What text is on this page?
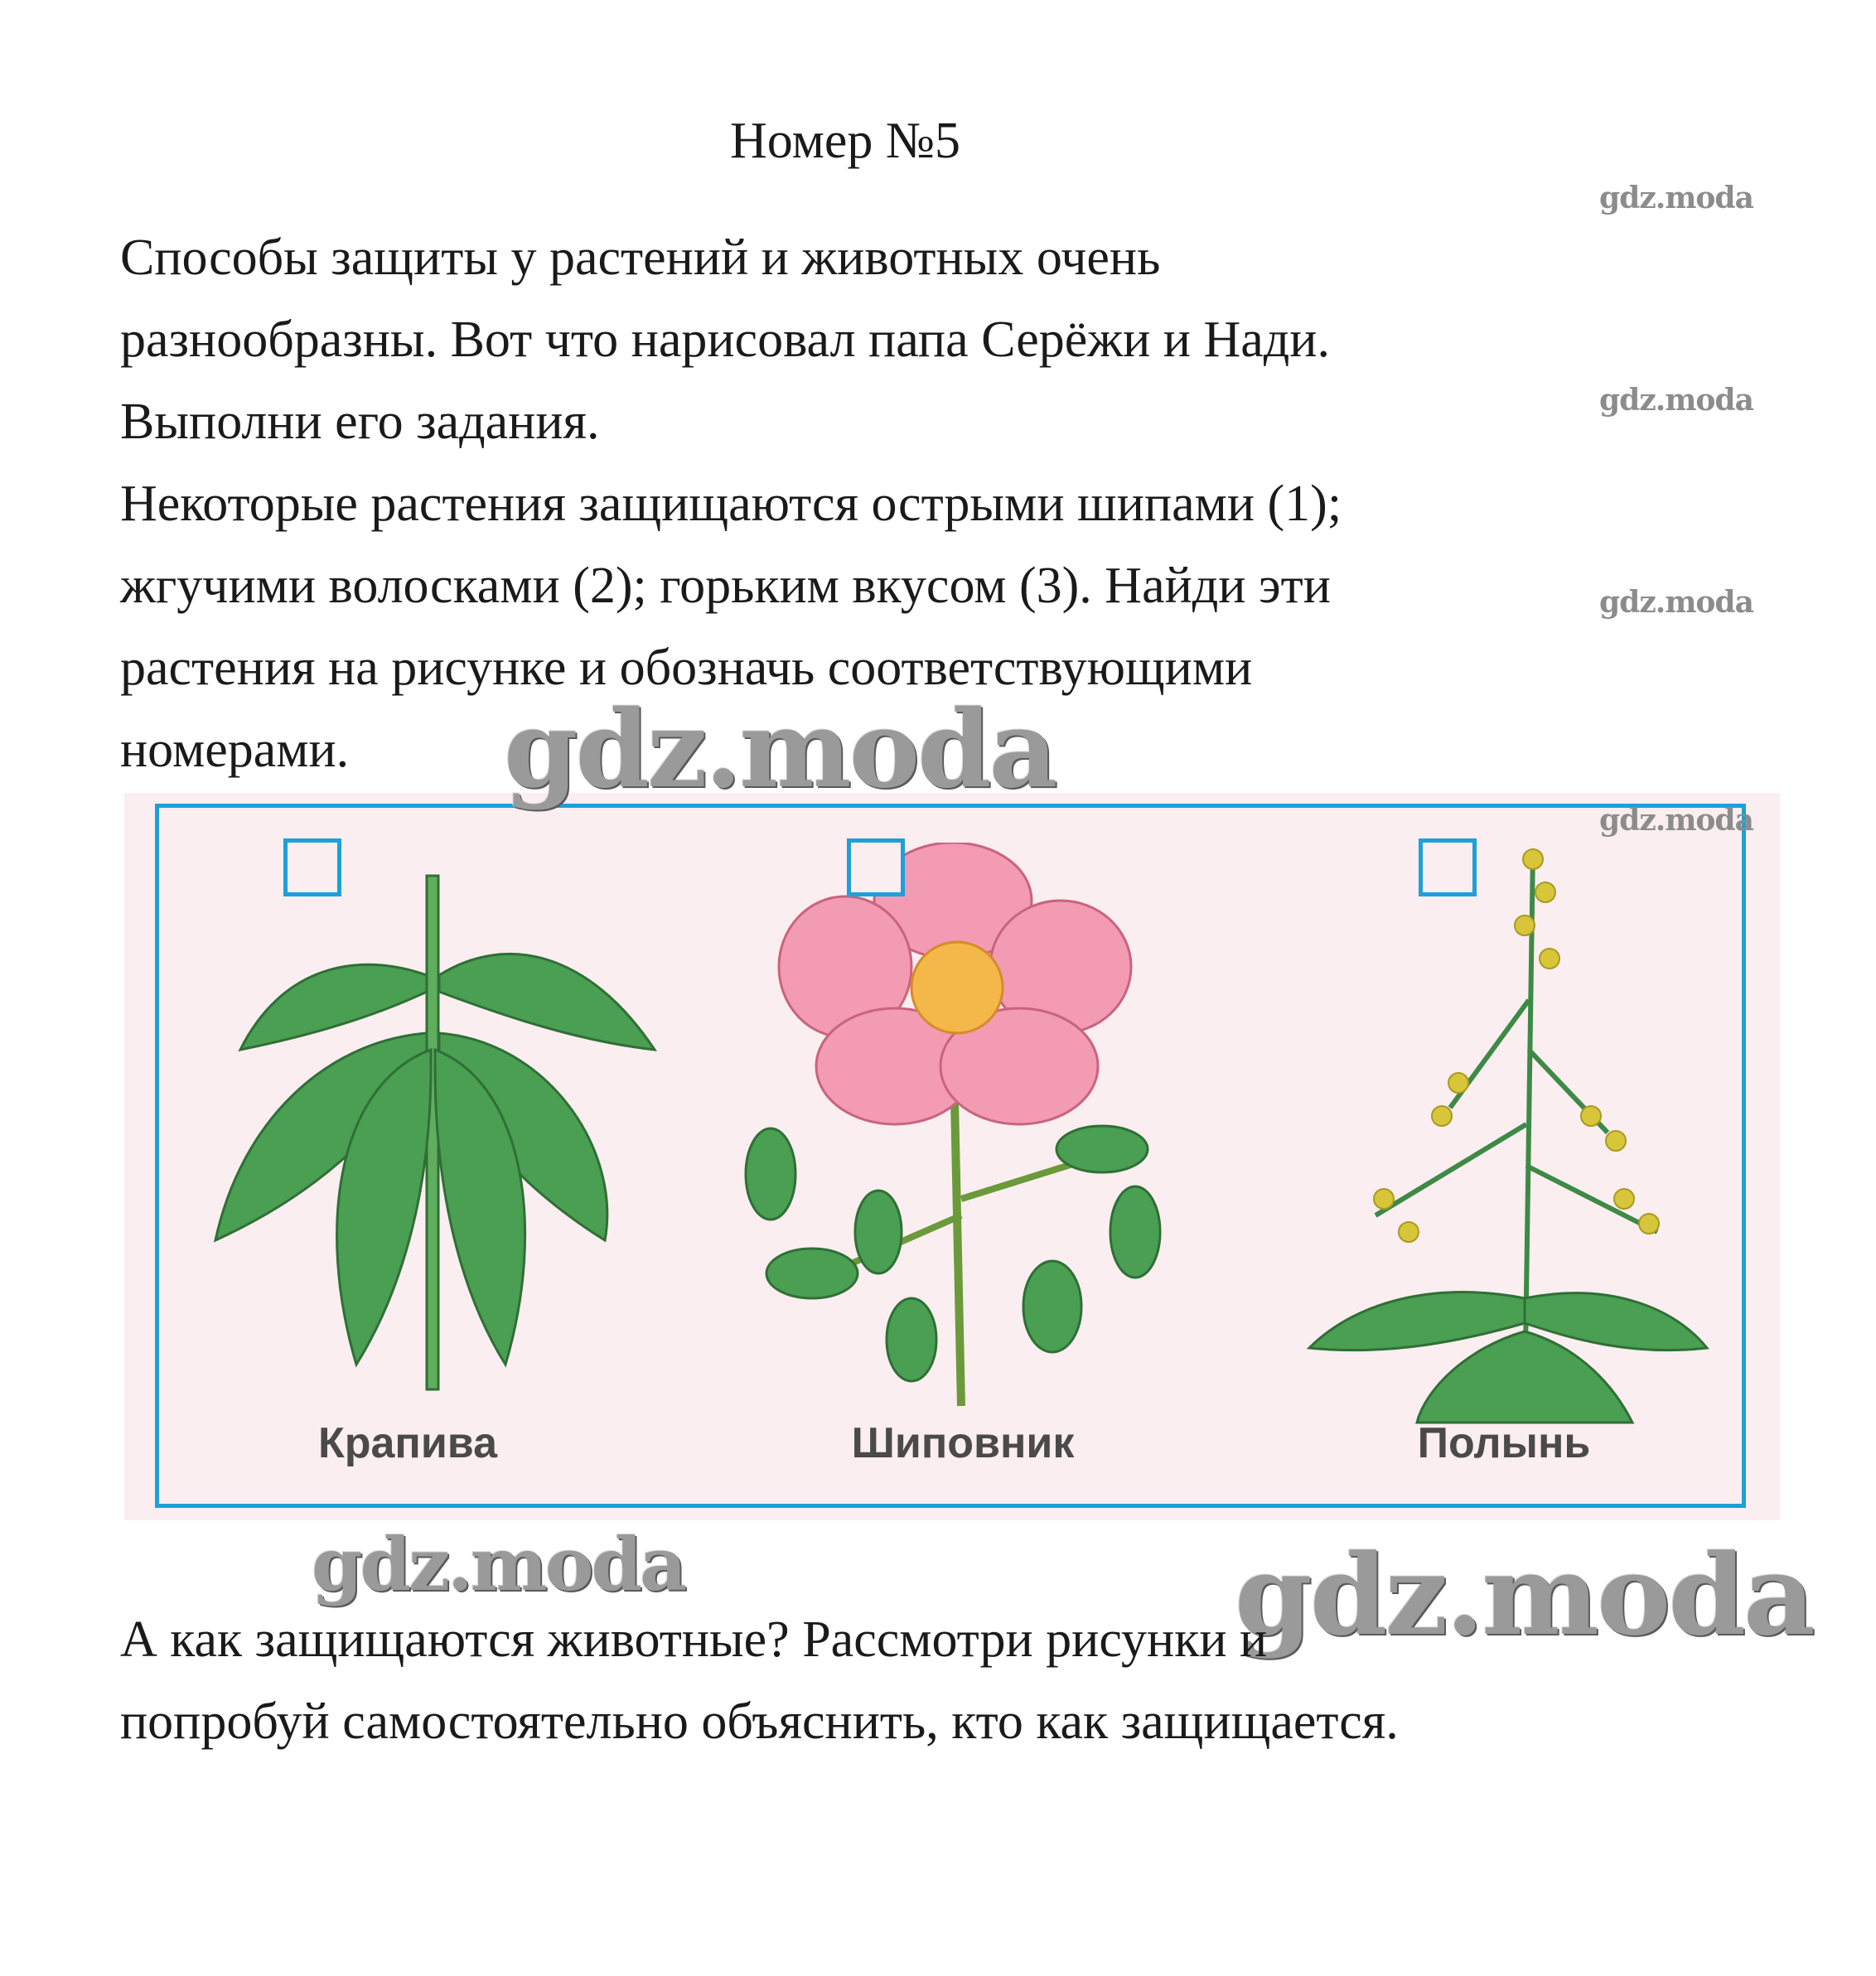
Номер №5
gdz.moda
gdz.moda
gdz.moda
Способы защиты у растений и животных очень
разнообразны. Вот что нарисовал папа Серёжи и Нади.
Выполни его задания.
Некоторые растения защищаются острыми шипами (1);
жгучими волосками (2); горьким вкусом (3). Найди эти
растения на рисунке и обозначь соответствующими
номерами.
gdz.moda
Крапива	Шиповник	Полынь
gdz.moda
gdz.moda	gdz.moda
А как защищаются животные? Рассмотри рисунки и
попробуй самостоятельно объяснить, кто как защищается.
